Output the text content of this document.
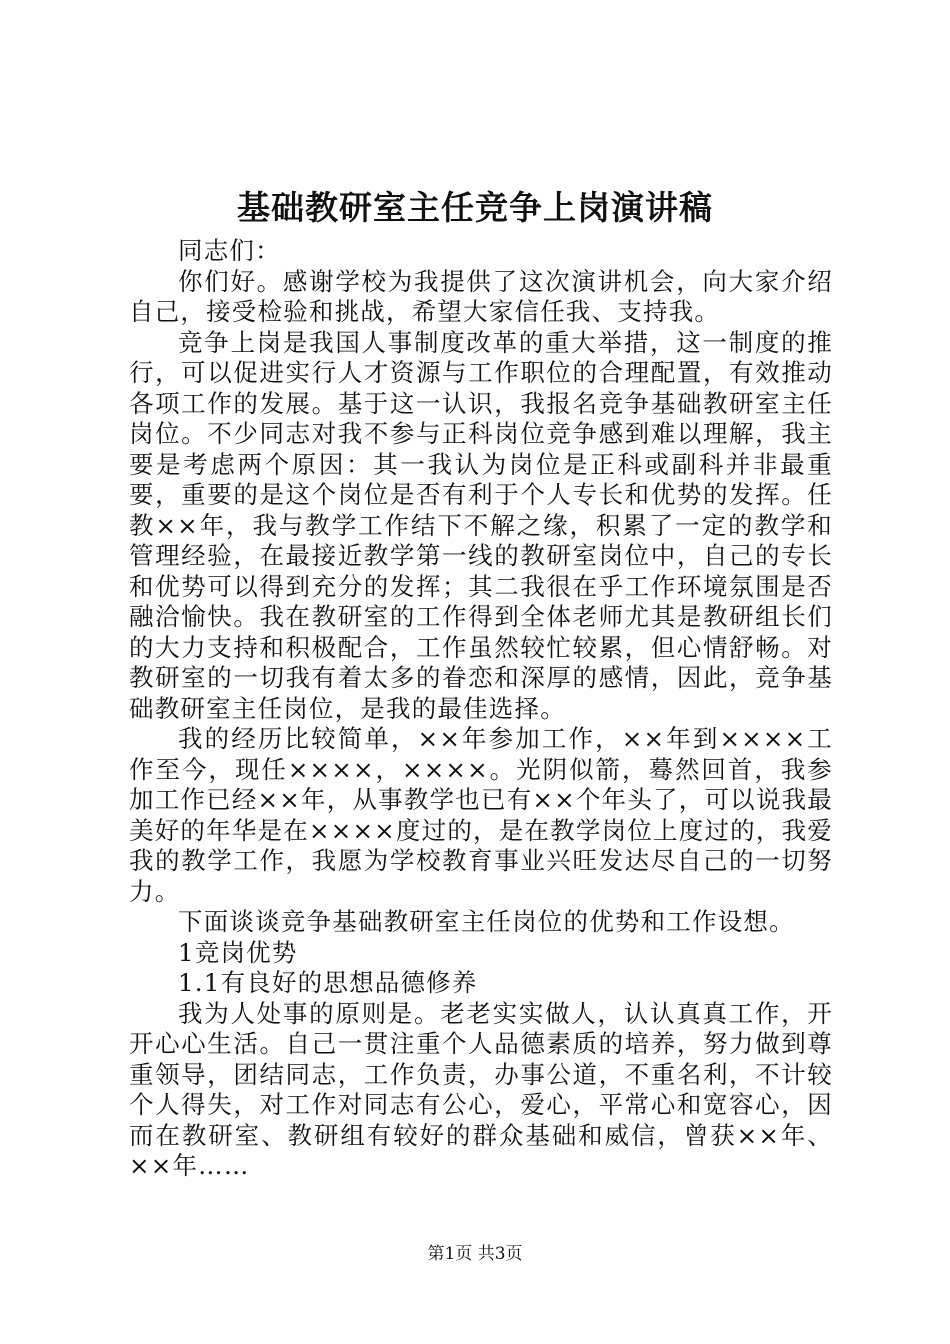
基础教研室主任竞争上岗演讲稿

同志们：

你们好。感谢学校为我提供了这次演讲机会，向大家介绍自己，接受检验和挑战，希望大家信任我、支持我。

竞争上岗是我国人事制度改革的重大举措，这一制度的推行，可以促进实行人才资源与工作职位的合理配置，有效推动各项工作的发展。基于这一认识，我报名竞争基础教研室主任岗位。不少同志对我不参与正科岗位竞争感到难以理解，我主要是考虑两个原因：其一我认为岗位是正科或副科并非最重要，重要的是这个岗位是否有利于个人专长和优势的发挥。任教××年，我与教学工作结下不解之缘，积累了一定的教学和管理经验，在最接近教学第一线的教研室岗位中，自己的专长和优势可以得到充分的发挥；其二我很在乎工作环境氛围是否融洽愉快。我在教研室的工作得到全体老师尤其是教研组长们的大力支持和积极配合，工作虽然较忙较累，但心情舒畅。对教研室的一切我有着太多的眷恋和深厚的感情，因此，竞争基础教研室主任岗位，是我的最佳选择。

我的经历比较简单，××年参加工作，××年到××××工作至今，现任××××，××××。光阴似箭，蓦然回首，我参加工作已经××年，从事教学也已有××个年头了，可以说我最美好的年华是在××××度过的，是在教学岗位上度过的，我爱我的教学工作，我愿为学校教育事业兴旺发达尽自己的一切努力。

下面谈谈竞争基础教研室主任岗位的优势和工作设想。

1竞岗优势

1.1有良好的思想品德修养

我为人处事的原则是。老老实实做人，认认真真工作，开开心心生活。自己一贯注重个人品德素质的培养，努力做到尊重领导，团结同志，工作负责，办事公道，不重名利，不计较个人得失，对工作对同志有公心，爱心，平常心和宽容心，因而在教研室、教研组有较好的群众基础和威信，曾获××年、××年……

第1页 共3页
